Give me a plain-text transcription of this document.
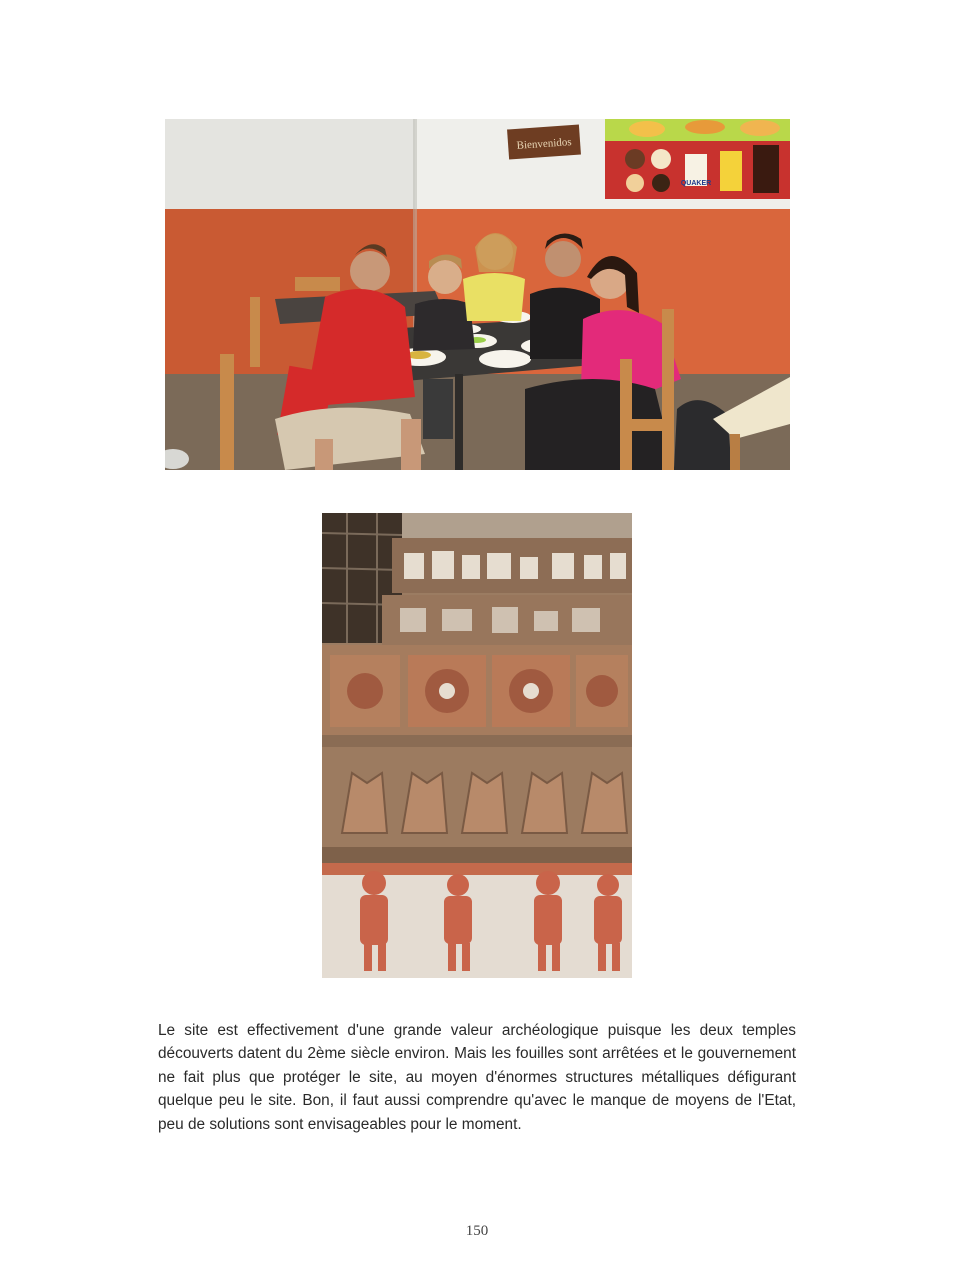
Bienvenidos
QUAKER

Le site est effectivement d'une grande valeur archéologique puisque les deux temples découverts datent du 2ème siècle environ. Mais les fouilles sont arrêtées et le gouvernement ne fait plus que protéger le site, au moyen d'énormes structures métalliques défigurant quelque peu le site. Bon, il faut aussi comprendre qu'avec le manque de moyens de l'Etat, peu de solutions sont envisageables pour le moment.

150
